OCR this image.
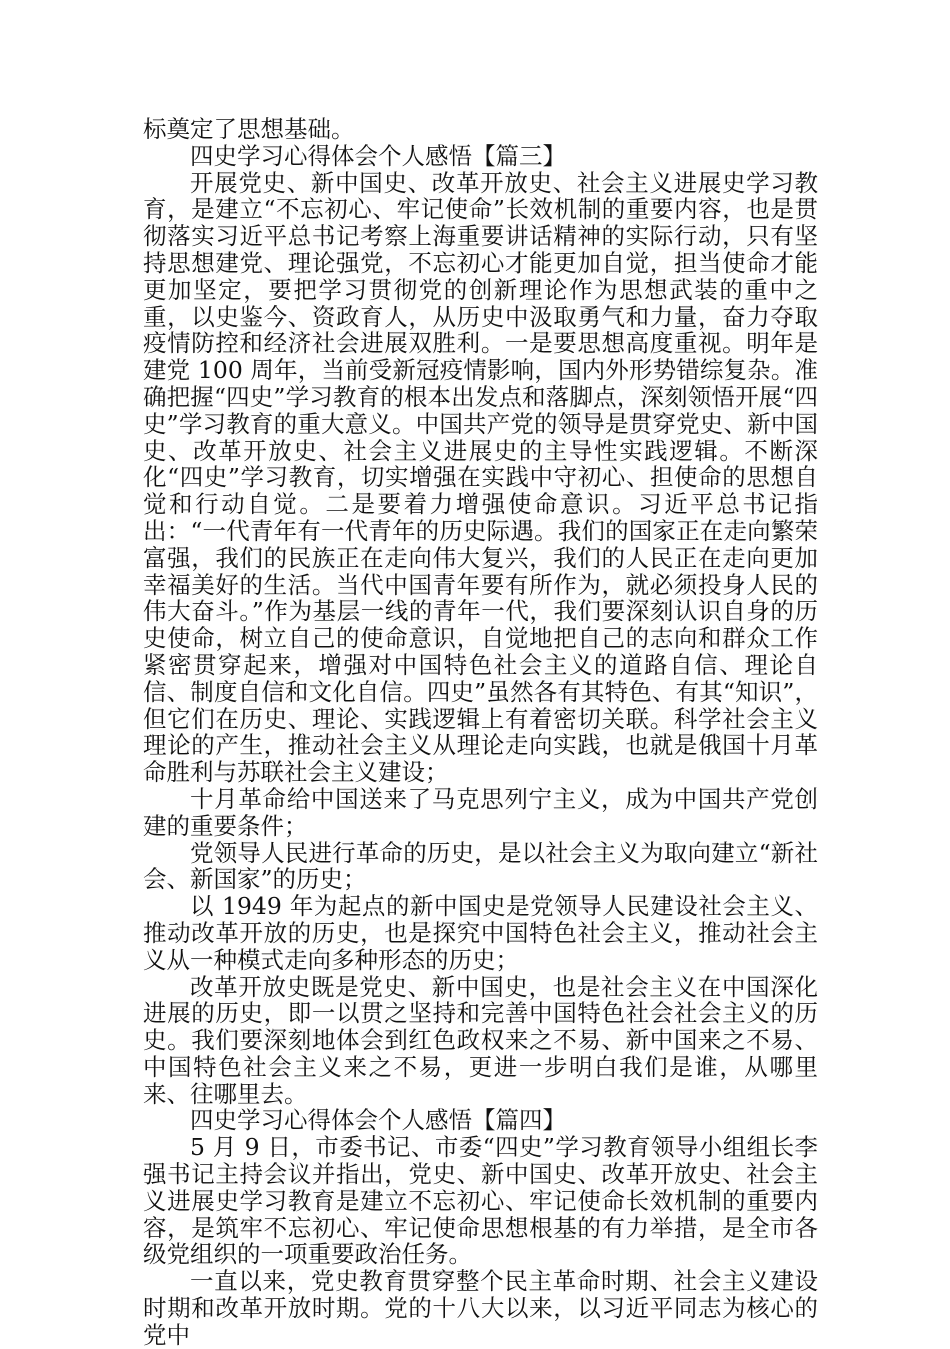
标奠定了思想基础。

四史学习心得体会个人感悟【篇三】

开展党史、新中国史、改革开放史、社会主义进展史学习教育，是建立“不忘初心、牢记使命”长效机制的重要内容，也是贯彻落实习近平总书记考察上海重要讲话精神的实际行动，只有坚持思想建党、理论强党，不忘初心才能更加自觉，担当使命才能更加坚定，要把学习贯彻党的创新理论作为思想武装的重中之重，以史鉴今、资政育人，从历史中汲取勇气和力量，奋力夺取疫情防控和经济社会进展双胜利。一是要思想高度重视。明年是建党 100 周年，当前受新冠疫情影响，国内外形势错综复杂。准确把握“四史”学习教育的根本出发点和落脚点，深刻领悟开展“四史”学习教育的重大意义。中国共产党的领导是贯穿党史、新中国史、改革开放史、社会主义进展史的主导性实践逻辑。不断深化“四史”学习教育，切实增强在实践中守初心、担使命的思想自觉和行动自觉。二是要着力增强使命意识。习近平总书记指出：“一代青年有一代青年的历史际遇。我们的国家正在走向繁荣富强，我们的民族正在走向伟大复兴，我们的人民正在走向更加幸福美好的生活。当代中国青年要有所作为，就必须投身人民的伟大奋斗。”作为基层一线的青年一代，我们要深刻认识自身的历史使命，树立自己的使命意识，自觉地把自己的志向和群众工作紧密贯穿起来，增强对中国特色社会主义的道路自信、理论自信、制度自信和文化自信。四史”虽然各有其特色、有其“知识”，但它们在历史、理论、实践逻辑上有着密切关联。科学社会主义理论的产生，推动社会主义从理论走向实践，也就是俄国十月革命胜利与苏联社会主义建设；

十月革命给中国送来了马克思列宁主义，成为中国共产党创建的重要条件；

党领导人民进行革命的历史，是以社会主义为取向建立“新社会、新国家”的历史；

以 1949 年为起点的新中国史是党领导人民建设社会主义、推动改革开放的历史，也是探究中国特色社会主义，推动社会主义从一种模式走向多种形态的历史；

改革开放史既是党史、新中国史，也是社会主义在中国深化进展的历史，即一以贯之坚持和完善中国特色社会社会主义的历史。我们要深刻地体会到红色政权来之不易、新中国来之不易、中国特色社会主义来之不易，更进一步明白我们是谁，从哪里来、往哪里去。

四史学习心得体会个人感悟【篇四】

5 月 9 日，市委书记、市委“四史”学习教育领导小组组长李强书记主持会议并指出，党史、新中国史、改革开放史、社会主义进展史学习教育是建立不忘初心、牢记使命长效机制的重要内容，是筑牢不忘初心、牢记使命思想根基的有力举措，是全市各级党组织的一项重要政治任务。

一直以来，党史教育贯穿整个民主革命时期、社会主义建设时期和改革开放时期。党的十八大以来，以习近平同志为核心的党中
